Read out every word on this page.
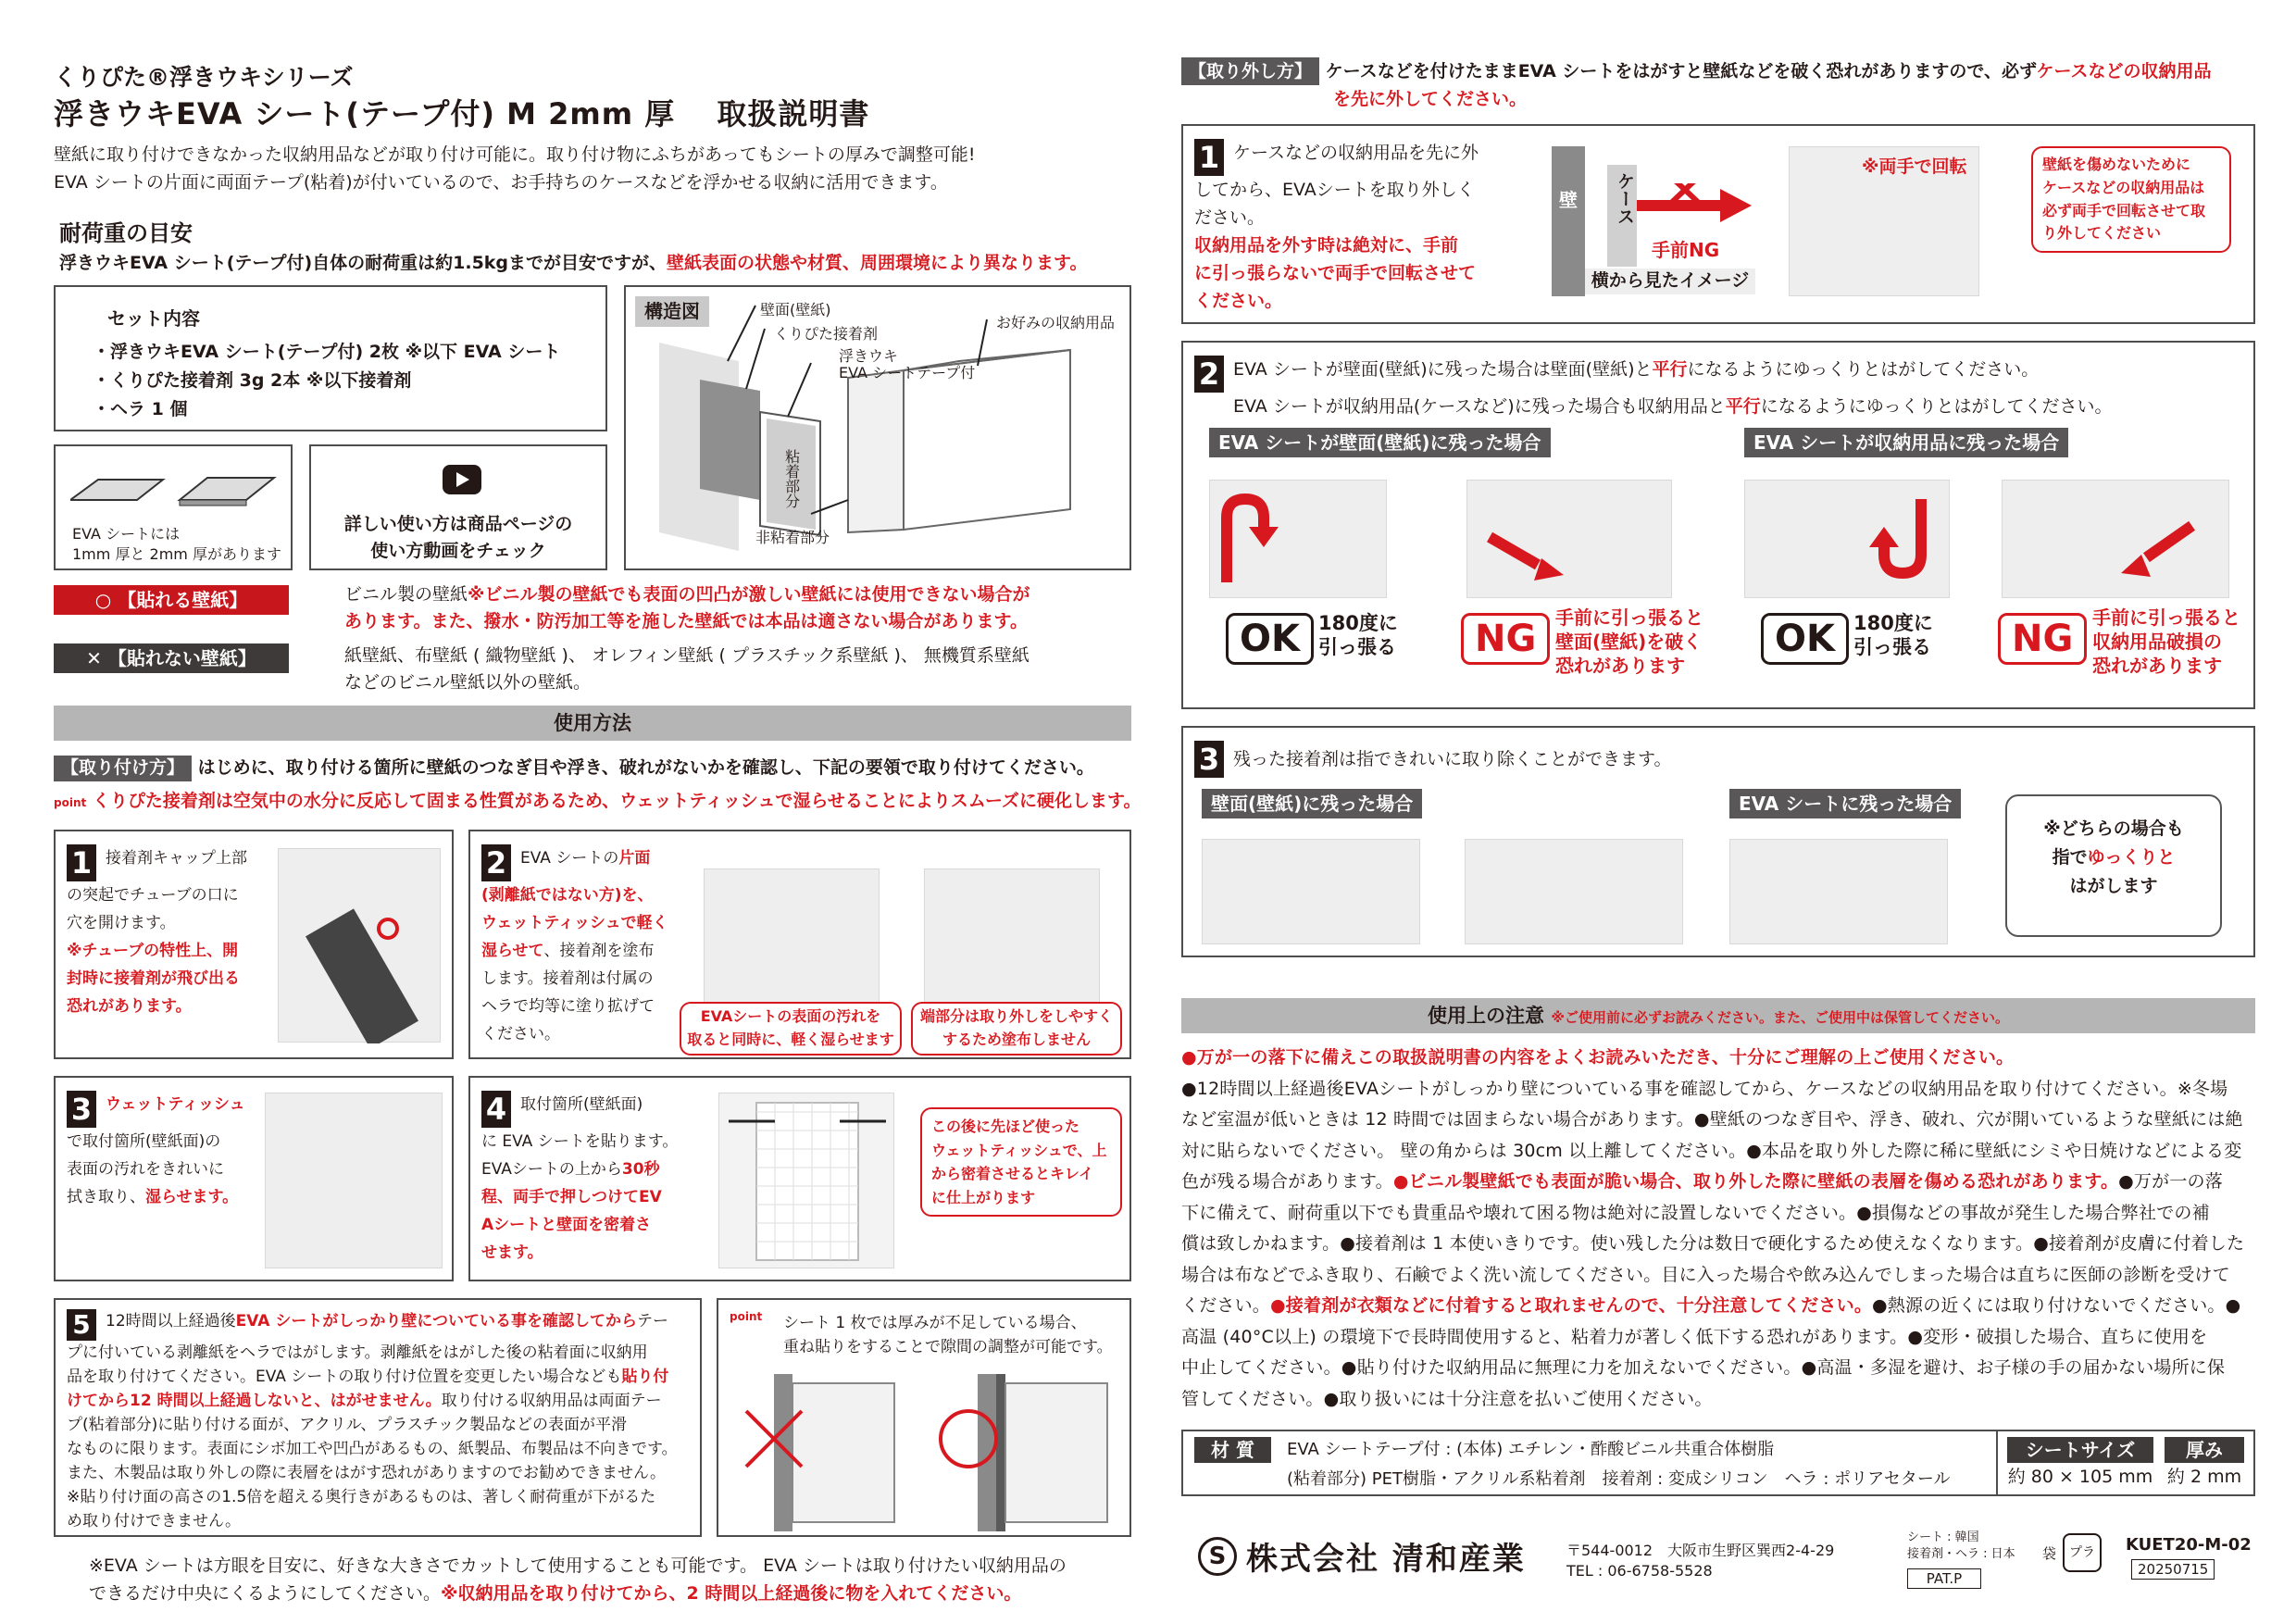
くりぴた®浮きウキシリーズ
浮きウキEVA シート(テープ付) M 2mm 厚　 取扱説明書
壁紙に取り付けできなかった収納用品などが取り付け可能に。取り付け物にふちがあってもシートの厚みで調整可能!
EVA シートの片面に両面テープ(粘着)が付いているので、お手持ちのケースなどを浮かせる収納に活用できます。
耐荷重の目安
浮きウキEVA シート(テープ付)自体の耐荷重は約1.5kgまでが目安ですが、壁紙表面の状態や材質、周囲環境により異なります。
セット内容
・浮きウキEVA シート(テープ付) 2枚 ※以下 EVA シート
・くりぴた接着剤 3g 2本 ※以下接着剤
・ヘラ 1 個
構造図	壁面(壁紙)
くりぴた接着剤
浮きウキ
EVA シートテープ付
お好みの収納用品
粘着部分
非粘着部分
EVA シートには
1mm 厚と 2mm 厚があります
詳しい使い方は商品ページの
使い方動画をチェック
○ 【貼れる壁紙】	ビニル製の壁紙※ビニル製の壁紙でも表面の凹凸が激しい壁紙には使用できない場合が
あります。また、撥水・防汚加工等を施した壁紙では本品は適さない場合があります。
✕ 【貼れない壁紙】	紙壁紙、布壁紙 ( 織物壁紙 )、 オレフィン壁紙 ( プラスチック系壁紙 )、 無機質系壁紙
などのビニル壁紙以外の壁紙。
使用方法
【取り付け方】 はじめに、取り付ける箇所に壁紙のつなぎ目や浮き、破れがないかを確認し、下記の要領で取り付けてください。
point くりぴた接着剤は空気中の水分に反応して固まる性質があるため、ウェットティッシュで湿らせることによりスムーズに硬化します。
1 接着剤キャップ上部
の突起でチューブの口に
穴を開けます。
※チューブの特性上、開
封時に接着剤が飛び出る
恐れがあります。
2 EVA シートの片面
(剥離紙ではない方)を、
ウェットティッシュで軽く
湿らせて、接着剤を塗布
します。接着剤は付属の
ヘラで均等に塗り拡げて
ください。
EVAシートの表面の汚れを
取ると同時に、軽く湿らせます
端部分は取り外しをしやすく
するため塗布しません
3 ウェットティッシュ
で取付箇所(壁紙面)の
表面の汚れをきれいに
拭き取り、湿らせます。
4 取付箇所(壁紙面)
に EVA シートを貼ります。
EVAシートの上から30秒
程、両手で押しつけてEV
Aシートと壁面を密着さ
せます。
この後に先ほど使った
ウェットティッシュで、上
から密着させるとキレイ
に仕上がります
5 12時間以上経過後EVA シートがしっかり壁についている事を確認してからテー
プに付いている剥離紙をヘラではがします。剥離紙をはがした後の粘着面に収納用
品を取り付けてください。EVA シートの取り付け位置を変更したい場合なども貼り付
けてから12 時間以上経過しないと、はがせません。取り付ける収納用品は両面テー
プ(粘着部分)に貼り付ける面が、アクリル、プラスチック製品などの表面が平滑
なものに限ります。表面にシボ加工や凹凸があるもの、紙製品、布製品は不向きです。
また、木製品は取り外しの際に表層をはがす恐れがありますのでお勧めできません。
※貼り付け面の高さの1.5倍を超える奥行きがあるものは、著しく耐荷重が下がるた
め取り付けできません。
point シート 1 枚では厚みが不足している場合、
重ね貼りをすることで隙間の調整が可能です。
※EVA シートは方眼を目安に、好きな大きさでカットして使用することも可能です。 EVA シートは取り付けたい収納用品の
できるだけ中央にくるようにしてください。※収納用品を取り付けてから、2 時間以上経過後に物を入れてください。
【取り外し方】 ケースなどを付けたままEVA シートをはがすと壁紙などを破く恐れがありますので、必ずケースなどの収納用品
を先に外してください。
1 ケースなどの収納用品を先に外
してから、EVAシートを取り外しく
ださい。
収納用品を外す時は絶対に、手前
に引っ張らないで両手で回転させて
ください。
壁	ケース
手前NG
横から見たイメージ
※両手で回転	壁紙を傷めないために
ケースなどの収納用品は
必ず両手で回転させて取
り外してください
2 EVA シートが壁面(壁紙)に残った場合は壁面(壁紙)と平行になるようにゆっくりとはがしてください。
EVA シートが収納用品(ケースなど)に残った場合も収納用品と平行になるようにゆっくりとはがしてください。
EVA シートが壁面(壁紙)に残った場合	EVA シートが収納用品に残った場合
OK 180度に
引っ張る	NG	手前に引っ張ると
壁面(壁紙)を破く
恐れがあります
OK 180度に
引っ張る	NG	手前に引っ張ると
収納用品破損の
恐れがあります
3 残った接着剤は指できれいに取り除くことができます。
壁面(壁紙)に残った場合	EVA シートに残った場合
※どちらの場合も
指でゆっくりと
はがします
使用上の注意 ※ご使用前に必ずお読みください。また、ご使用中は保管してください。
●万が一の落下に備えこの取扱説明書の内容をよくお読みいただき、十分にご理解の上ご使用ください。
●12時間以上経過後EVAシートがしっかり壁についている事を確認してから、ケースなどの収納用品を取り付けてください。※冬場
など室温が低いときは 12 時間では固まらない場合があります。●壁紙のつなぎ目や、浮き、破れ、穴が開いているような壁紙には絶
対に貼らないでください。 壁の角からは 30cm 以上離してください。●本品を取り外した際に稀に壁紙にシミや日焼けなどによる変
色が残る場合があります。●ビニル製壁紙でも表面が脆い場合、取り外した際に壁紙の表層を傷める恐れがあります。●万が一の落
下に備えて、耐荷重以下でも貴重品や壊れて困る物は絶対に設置しないでください。●損傷などの事故が発生した場合弊社での補
償は致しかねます。●接着剤は 1 本使いきりです。使い残した分は数日で硬化するため使えなくなります。●接着剤が皮膚に付着した
場合は布などでふき取り、石鹸でよく洗い流してください。目に入った場合や飲み込んでしまった場合は直ちに医師の診断を受けて
ください。●接着剤が衣類などに付着すると取れませんので、十分注意してください。●熱源の近くには取り付けないでください。●
高温 (40°C以上) の環境下で長時間使用すると、粘着力が著しく低下する恐れがあります。●変形・破損した場合、直ちに使用を
中止してください。●貼り付けた収納用品に無理に力を加えないでください。●高温・多湿を避け、お子様の手の届かない場所に保
管してください。●取り扱いには十分注意を払いご使用ください。
材 質	EVA シートテープ付 : (本体) エチレン・酢酸ビニル共重合体樹脂
(粘着部分) PET樹脂・アクリル系粘着剤　接着剤 : 変成シリコン　ヘラ : ポリアセタール
シートサイズ
約 80 × 105 mm
厚み
約 2 mm
S 株式会社 清和産業	〒544-0012　大阪市生野区巽西2-4-29
TEL : 06-6758-5528
シート : 韓国
接着剤・ヘラ : 日本
PAT.P
袋 プラ	KUET20-M-02
20250715
